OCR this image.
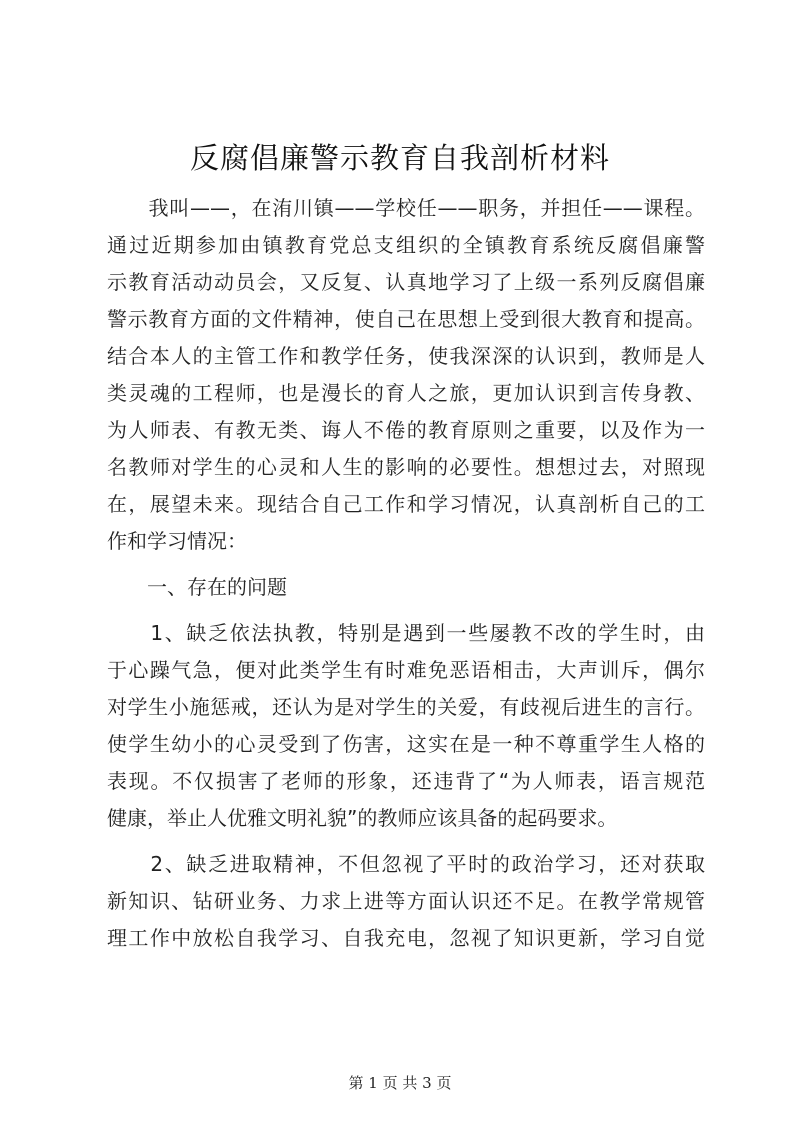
反腐倡廉警示教育自我剖析材料
　　我叫——，在洧川镇——学校任——职务，并担任——课程。
通过近期参加由镇教育党总支组织的全镇教育系统反腐倡廉警
示教育活动动员会，又反复、认真地学习了上级一系列反腐倡廉
警示教育方面的文件精神，使自己在思想上受到很大教育和提高。
结合本人的主管工作和教学任务，使我深深的认识到，教师是人
类灵魂的工程师，也是漫长的育人之旅，更加认识到言传身教、
为人师表、有教无类、诲人不倦的教育原则之重要，以及作为一
名教师对学生的心灵和人生的影响的必要性。想想过去，对照现
在，展望未来。现结合自己工作和学习情况，认真剖析自己的工
作和学习情况：
　　一、存在的问题
　　1、缺乏依法执教，特别是遇到一些屡教不改的学生时，由
于心躁气急，便对此类学生有时难免恶语相击，大声训斥，偶尔
对学生小施惩戒，还认为是对学生的关爱，有歧视后进生的言行。
使学生幼小的心灵受到了伤害，这实在是一种不尊重学生人格的
表现。不仅损害了老师的形象，还违背了“为人师表，语言规范
健康，举止人优雅文明礼貌”的教师应该具备的起码要求。
　　2、缺乏进取精神，不但忽视了平时的政治学习，还对获取
新知识、钻研业务、力求上进等方面认识还不足。在教学常规管
理工作中放松自我学习、自我充电，忽视了知识更新，学习自觉
第 1 页 共 3 页
